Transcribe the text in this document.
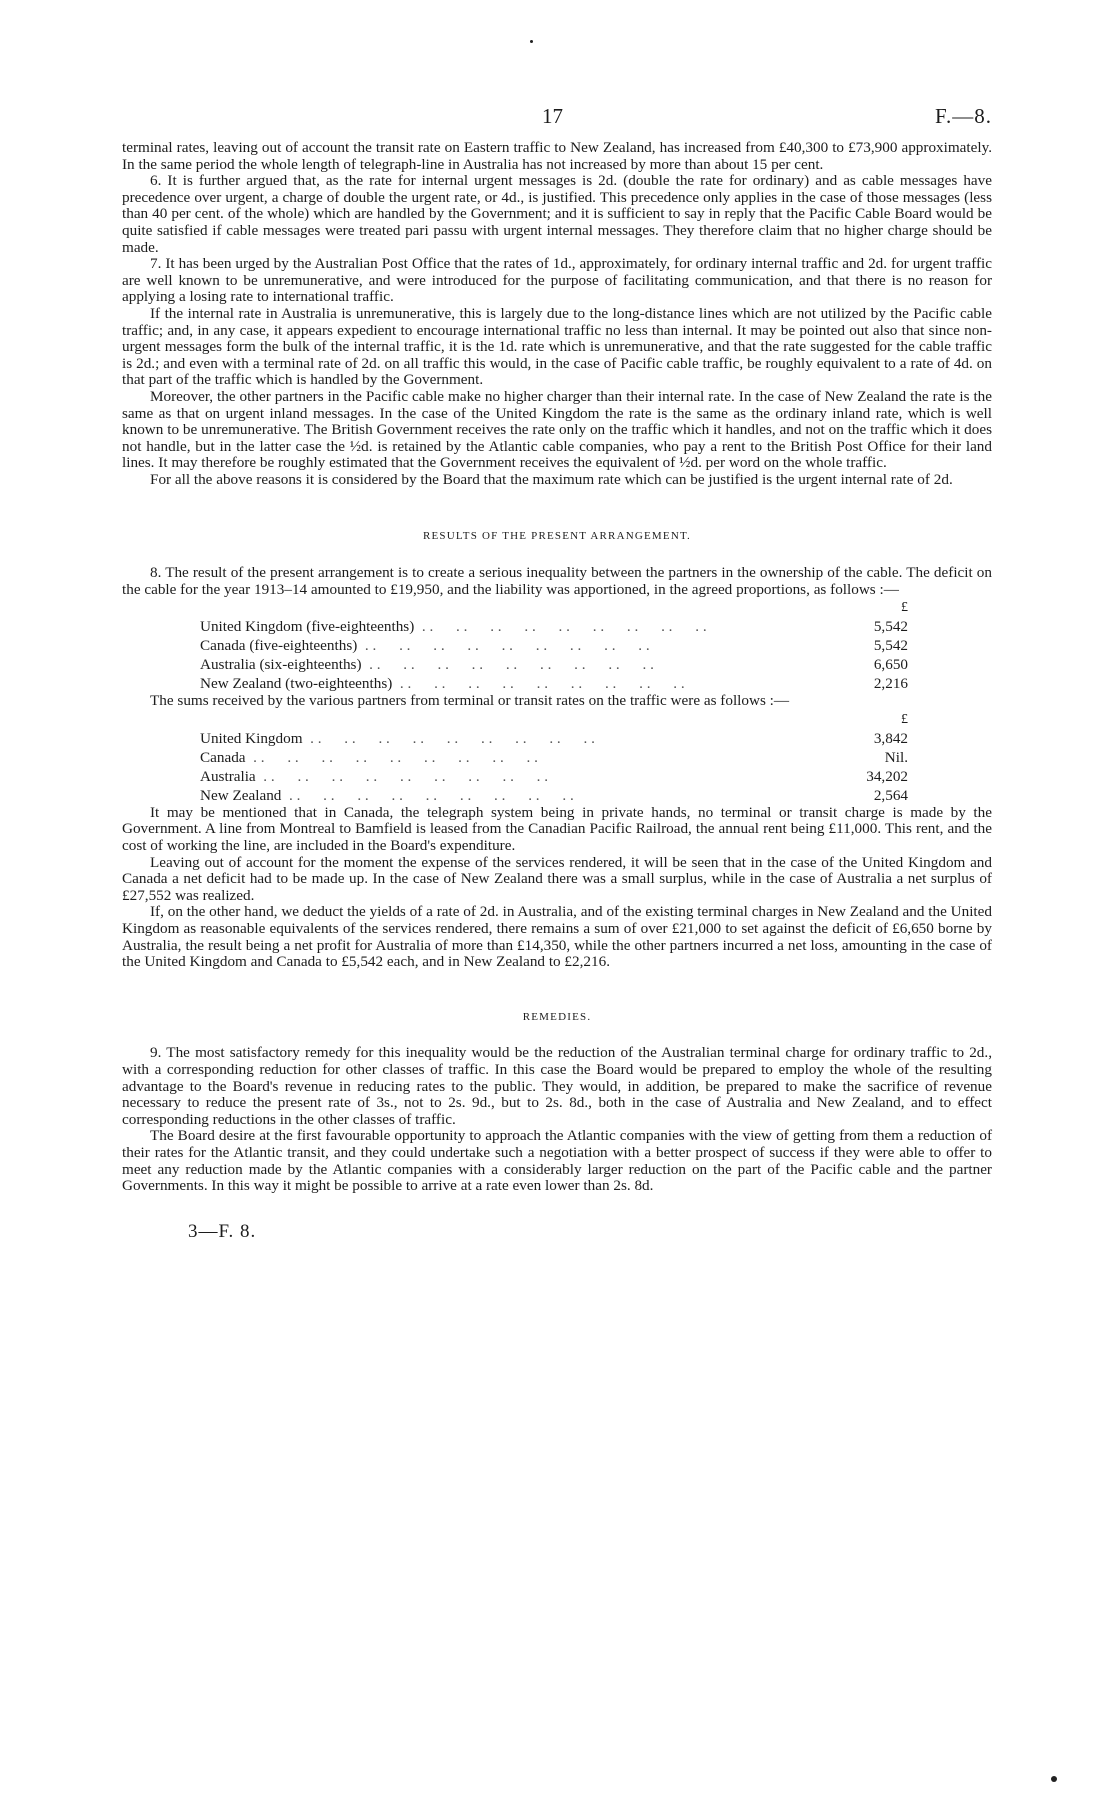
17	F.—8.

terminal rates, leaving out of account the transit rate on Eastern traffic to New Zealand, has increased from £40,300 to £73,900 approximately. In the same period the whole length of telegraph-line in Australia has not increased by more than about 15 per cent.

6. It is further argued that, as the rate for internal urgent messages is 2d. (double the rate for ordinary) and as cable messages have precedence over urgent, a charge of double the urgent rate, or 4d., is justified. This precedence only applies in the case of those messages (less than 40 per cent. of the whole) which are handled by the Government; and it is sufficient to say in reply that the Pacific Cable Board would be quite satisfied if cable messages were treated pari passu with urgent internal messages. They therefore claim that no higher charge should be made.

7. It has been urged by the Australian Post Office that the rates of 1d., approximately, for ordinary internal traffic and 2d. for urgent traffic are well known to be unremunerative, and were introduced for the purpose of facilitating communication, and that there is no reason for applying a losing rate to international traffic.

If the internal rate in Australia is unremunerative, this is largely due to the long-distance lines which are not utilized by the Pacific cable traffic; and, in any case, it appears expedient to encourage international traffic no less than internal. It may be pointed out also that since non-urgent messages form the bulk of the internal traffic, it is the 1d. rate which is unremunerative, and that the rate suggested for the cable traffic is 2d.; and even with a terminal rate of 2d. on all traffic this would, in the case of Pacific cable traffic, be roughly equivalent to a rate of 4d. on that part of the traffic which is handled by the Government.

Moreover, the other partners in the Pacific cable make no higher charger than their internal rate. In the case of New Zealand the rate is the same as that on urgent inland messages. In the case of the United Kingdom the rate is the same as the ordinary inland rate, which is well known to be unremunerative. The British Government receives the rate only on the traffic which it handles, and not on the traffic which it does not handle, but in the latter case the ½d. is retained by the Atlantic cable companies, who pay a rent to the British Post Office for their land lines. It may therefore be roughly estimated that the Government receives the equivalent of ½d. per word on the whole traffic.

For all the above reasons it is considered by the Board that the maximum rate which can be justified is the urgent internal rate of 2d.

RESULTS OF THE PRESENT ARRANGEMENT.

8. The result of the present arrangement is to create a serious inequality between the partners in the ownership of the cable. The deficit on the cable for the year 1913–14 amounted to £19,950, and the liability was apportioned, in the agreed proportions, as follows :—

	£
United Kingdom (five-eighteenths) . .	5,542
Canada (five-eighteenths) . .	5,542
Australia (six-eighteenths) . .	6,650
New Zealand (two-eighteenths) . .	2,216

The sums received by the various partners from terminal or transit rates on the traffic were as follows :—

	£
United Kingdom . .	3,842
Canada . .	Nil.
Australia . .	34,202
New Zealand . .	2,564

It may be mentioned that in Canada, the telegraph system being in private hands, no terminal or transit charge is made by the Government. A line from Montreal to Bamfield is leased from the Canadian Pacific Railroad, the annual rent being £11,000. This rent, and the cost of working the line, are included in the Board's expenditure.

Leaving out of account for the moment the expense of the services rendered, it will be seen that in the case of the United Kingdom and Canada a net deficit had to be made up. In the case of New Zealand there was a small surplus, while in the case of Australia a net surplus of £27,552 was realized.

If, on the other hand, we deduct the yields of a rate of 2d. in Australia, and of the existing terminal charges in New Zealand and the United Kingdom as reasonable equivalents of the services rendered, there remains a sum of over £21,000 to set against the deficit of £6,650 borne by Australia, the result being a net profit for Australia of more than £14,350, while the other partners incurred a net loss, amounting in the case of the United Kingdom and Canada to £5,542 each, and in New Zealand to £2,216.

REMEDIES.

9. The most satisfactory remedy for this inequality would be the reduction of the Australian terminal charge for ordinary traffic to 2d., with a corresponding reduction for other classes of traffic. In this case the Board would be prepared to employ the whole of the resulting advantage to the Board's revenue in reducing rates to the public. They would, in addition, be prepared to make the sacrifice of revenue necessary to reduce the present rate of 3s., not to 2s. 9d., but to 2s. 8d., both in the case of Australia and New Zealand, and to effect corresponding reductions in the other classes of traffic.

The Board desire at the first favourable opportunity to approach the Atlantic companies with the view of getting from them a reduction of their rates for the Atlantic transit, and they could undertake such a negotiation with a better prospect of success if they were able to offer to meet any reduction made by the Atlantic companies with a considerably larger reduction on the part of the Pacific cable and the partner Governments. In this way it might be possible to arrive at a rate even lower than 2s. 8d.

3—F. 8.
